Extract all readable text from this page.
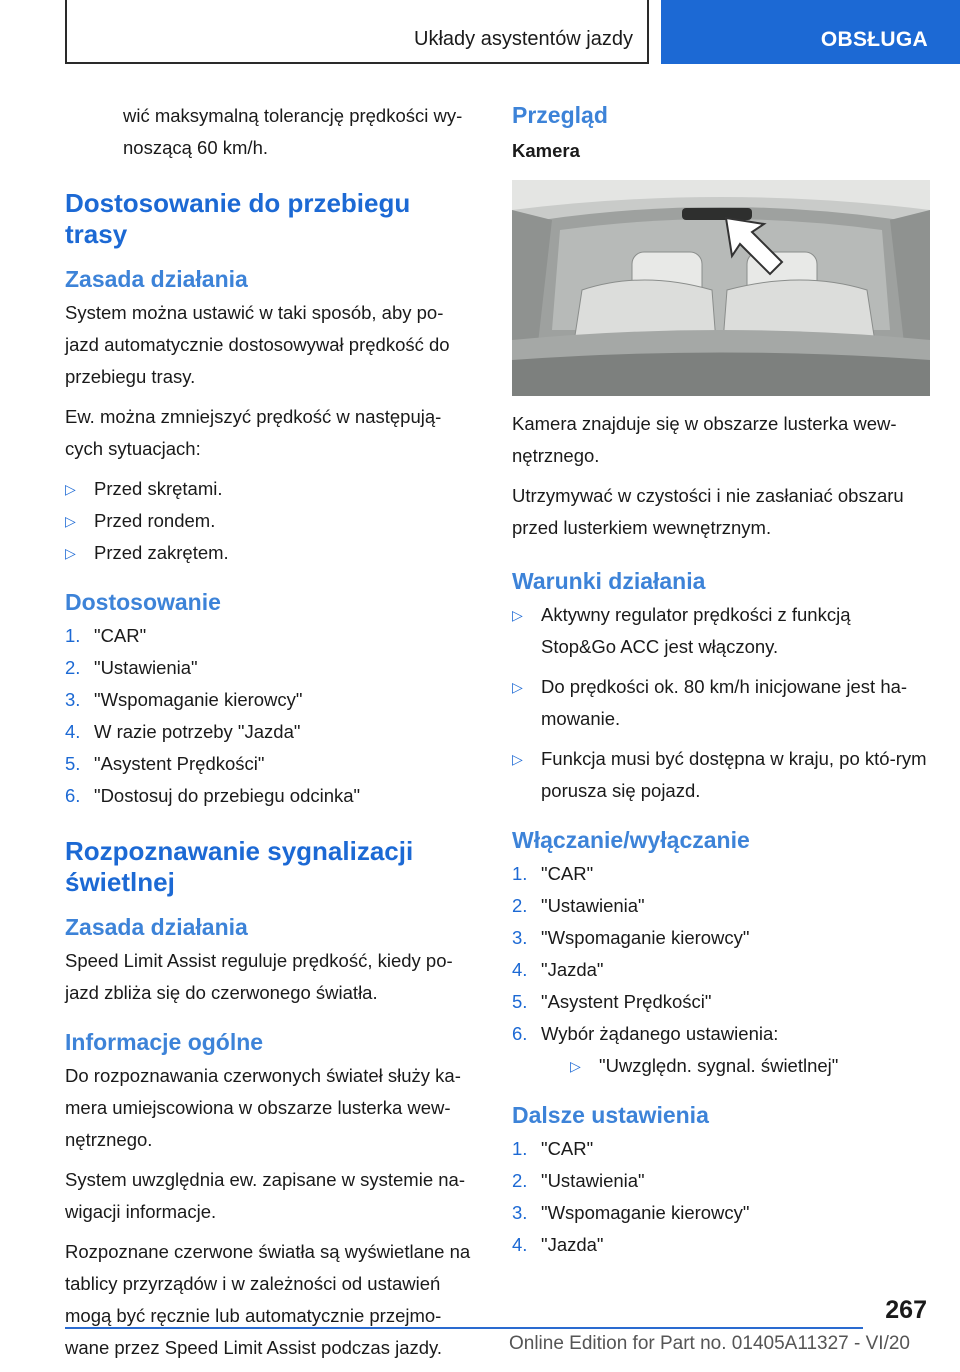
Układy asystentów jazdy	OBSŁUGA

wić maksymalną tolerancję prędkości wy-noszącą 60 km/h.

Dostosowanie do przebiegu trasy
Zasada działania

System można ustawić w taki sposób, aby po-jazd automatycznie dostosowywał prędkość do przebiegu trasy.

Ew. można zmniejszyć prędkość w następują-cych sytuacjach:

▷ Przed skrętami.
▷ Przed rondem.
▷ Przed zakrętem.
Dostosowanie
1. "CAR"
2. "Ustawienia"
3. "Wspomaganie kierowcy"
4. W razie potrzeby "Jazda"
5. "Asystent Prędkości"
6. "Dostosuj do przebiegu odcinka"
Rozpoznawanie sygnalizacji świetlnej
Zasada działania

Speed Limit Assist reguluje prędkość, kiedy po-jazd zbliża się do czerwonego światła.

Informacje ogólne

Do rozpoznawania czerwonych świateł służy ka-mera umiejscowiona w obszarze lusterka wew-nętrznego.

System uwzględnia ew. zapisane w systemie na-wigacji informacje.

Rozpoznane czerwone światła są wyświetlane na tablicy przyrządów i w zależności od ustawień mogą być ręcznie lub automatycznie przejmo-wane przez Speed Limit Assist podczas jazdy.

Przegląd
Kamera

Kamera znajduje się w obszarze lusterka wew-nętrznego.

Utrzymywać w czystości i nie zasłaniać obszaru przed lusterkiem wewnętrznym.

Warunki działania
▷ Aktywny regulator prędkości z funkcją Stop&Go ACC jest włączony.
▷ Do prędkości ok. 80 km/h inicjowane jest ha-mowanie.
▷ Funkcja musi być dostępna w kraju, po któ-rym porusza się pojazd.
Włączanie/wyłączanie
1. "CAR"
2. "Ustawienia"
3. "Wspomaganie kierowcy"
4. "Jazda"
5. "Asystent Prędkości"
6. Wybór żądanego ustawienia:
▷ "Uwzględn. sygnal. świetlnej"
Dalsze ustawienia
1. "CAR"
2. "Ustawienia"
3. "Wspomaganie kierowcy"
4. "Jazda"
267
Online Edition for Part no. 01405A11327 - VI/20
